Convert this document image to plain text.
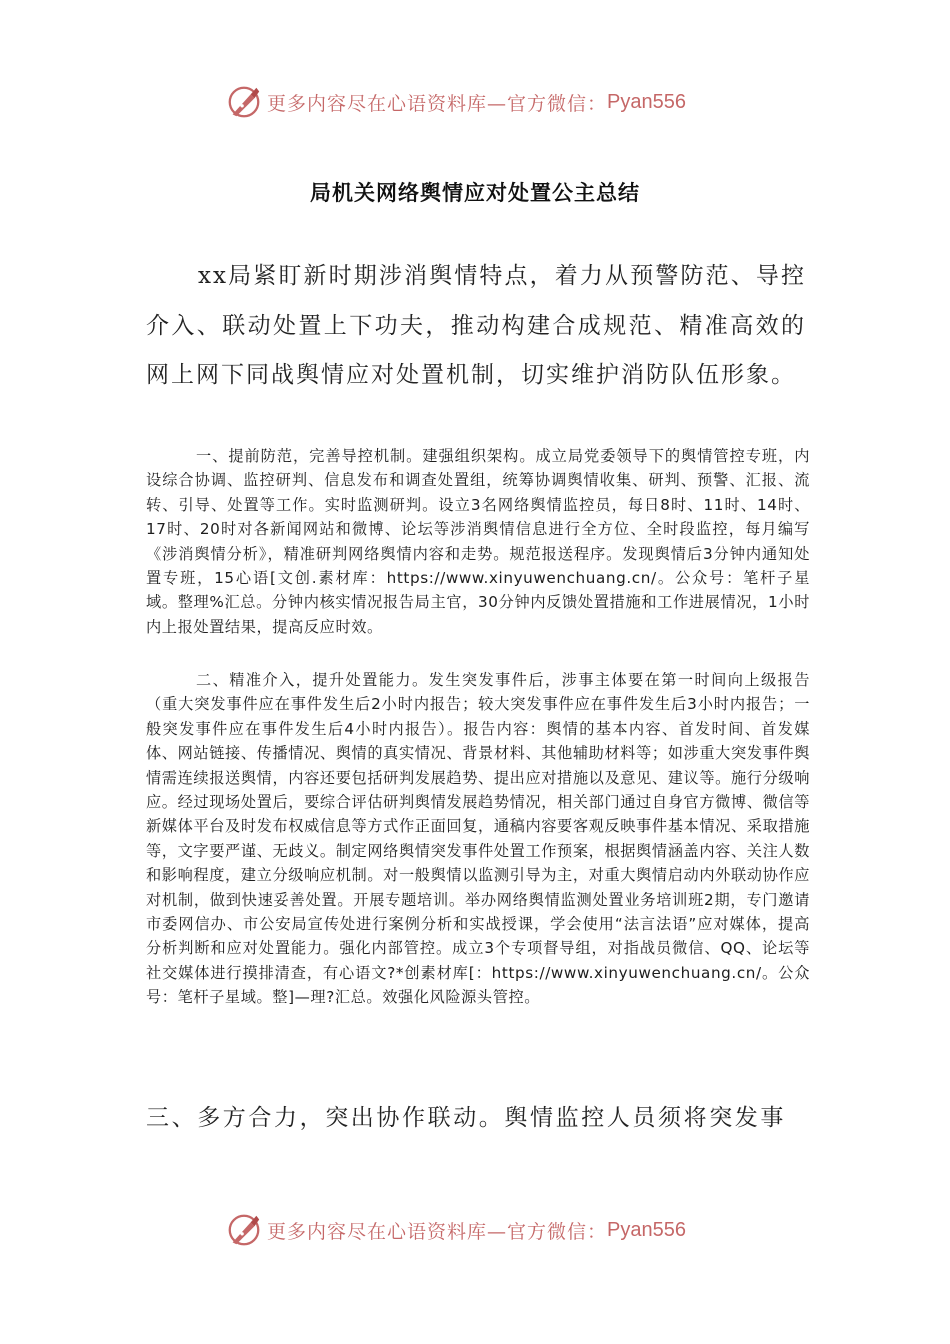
更多内容尽在心语资料库—官方微信： Pyan556
局机关网络舆情应对处置公主总结

xx局紧盯新时期涉消舆情特点，着力从预警防范、导控介入、联动处置上下功夫，推动构建合成规范、精准高效的网上网下同战舆情应对处置机制，切实维护消防队伍形象。

一、提前防范，完善导控机制。建强组织架构。成立局党委领导下的舆情管控专班，内设综合协调、监控研判、信息发布和调查处置组，统筹协调舆情收集、研判、预警、汇报、流转、引导、处置等工作。实时监测研判。设立3名网络舆情监控员，每日8时、11时、14时、17时、20时对各新闻网站和微博、论坛等涉消舆情信息进行全方位、全时段监控，每月编写《涉消舆情分析》，精准研判网络舆情内容和走势。规范报送程序。发现舆情后3分钟内通知处置专班，15心语[文创.素材库：https://www.xinyuwenchuang.cn/。公众号：笔杆子星域。整理%汇总。分钟内核实情况报告局主官，30分钟内反馈处置措施和工作进展情况，1小时内上报处置结果，提高反应时效。

二、精准介入，提升处置能力。发生突发事件后，涉事主体要在第一时间向上级报告（重大突发事件应在事件发生后2小时内报告；较大突发事件应在事件发生后3小时内报告；一般突发事件应在事件发生后4小时内报告）。报告内容：舆情的基本内容、首发时间、首发媒体、网站链接、传播情况、舆情的真实情况、背景材料、其他辅助材料等；如涉重大突发事件舆情需连续报送舆情，内容还要包括研判发展趋势、提出应对措施以及意见、建议等。施行分级响应。经过现场处置后，要综合评估研判舆情发展趋势情况，相关部门通过自身官方微博、微信等新媒体平台及时发布权威信息等方式作正面回复，通稿内容要客观反映事件基本情况、采取措施等，文字要严谨、无歧义。制定网络舆情突发事件处置工作预案，根据舆情涵盖内容、关注人数和影响程度，建立分级响应机制。对一般舆情以监测引导为主，对重大舆情启动内外联动协作应对机制，做到快速妥善处置。开展专题培训。举办网络舆情监测处置业务培训班2期，专门邀请市委网信办、市公安局宣传处进行案例分析和实战授课，学会使用“法言法语”应对媒体，提高分析判断和应对处置能力。强化内部管控。成立3个专项督导组，对指战员微信、QQ、论坛等社交媒体进行摸排清查，有心语文?*创素材库[：https://www.xinyuwenchuang.cn/。公众号：笔杆子星域。整]—理?汇总。效强化风险源头管控。

三、多方合力，突出协作联动。舆情监控人员须将突发事

更多内容尽在心语资料库—官方微信： Pyan556
